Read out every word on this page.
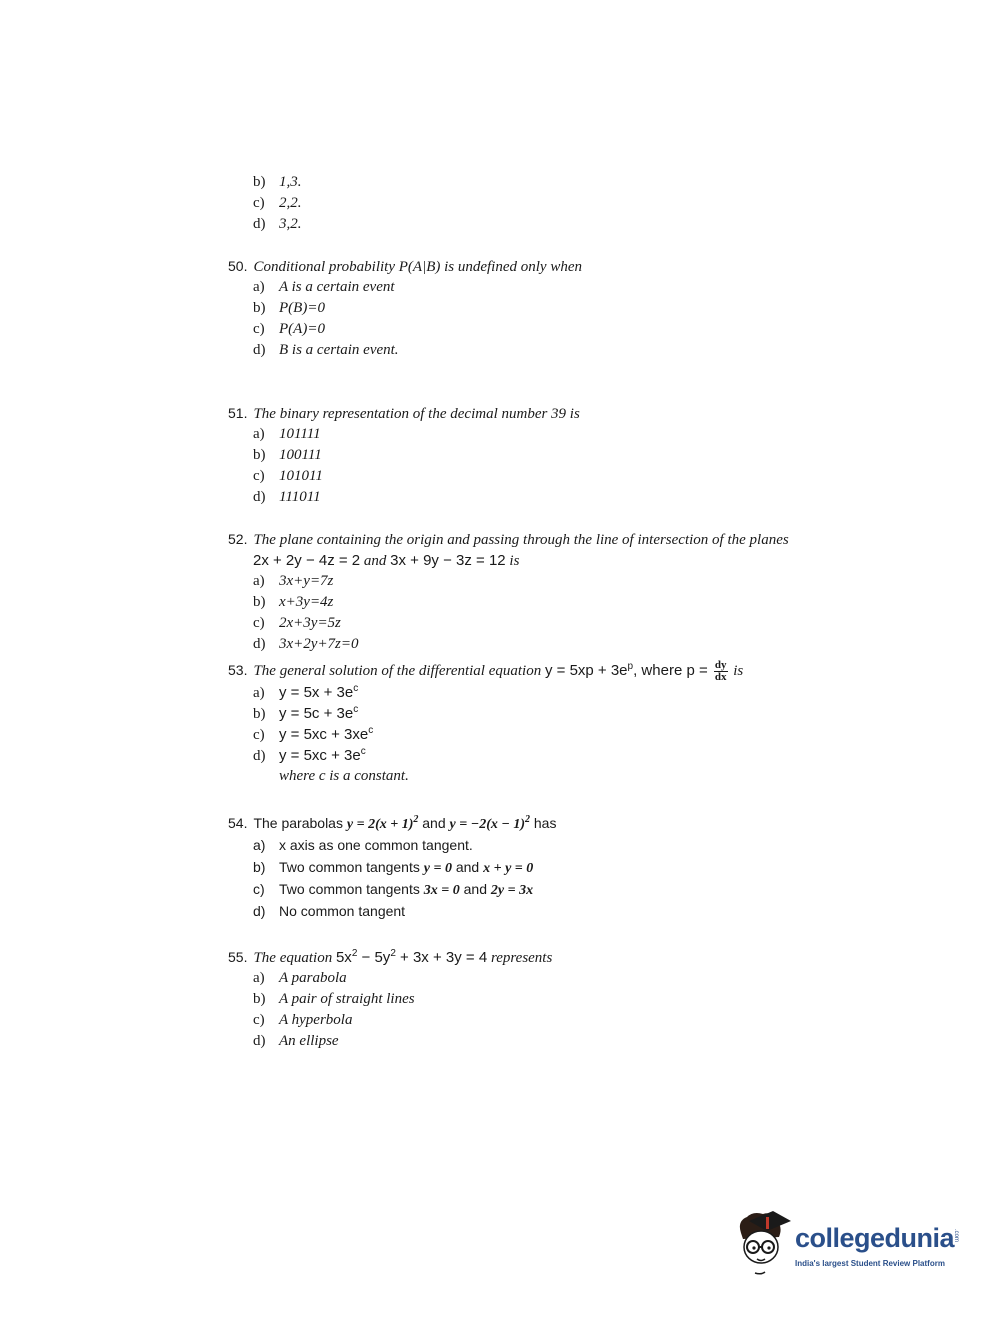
b) 1,3.
c) 2,2.
d) 3,2.
50. Conditional probability P(A|B) is undefined only when
a) A is a certain event
b) P(B)=0
c) P(A)=0
d) B is a certain event.
51. The binary representation of the decimal number 39 is
a) 101111
b) 100111
c) 101011
d) 111011
52. The plane containing the origin and passing through the line of intersection of the planes
2x + 2y − 4z = 2 and 3x + 9y − 3z = 12 is
a) 3x+y=7z
b) x+3y=4z
c) 2x+3y=5z
d) 3x+2y+7z=0
53. The general solution of the differential equation $y = 5xp + 3e^p$, where $p = \frac{dy}{dx}$ is
a) $y = 5x + 3e^c$
b) $y = 5c + 3e^c$
c) $y = 5xc + 3xe^c$
d) $y = 5xc + 3e^c$
where c is a constant.
54. The parabolas $y = 2(x + 1)^2$ and $y = -2(x - 1)^2$ has
a) x axis as one common tangent.
b) Two common tangents y = 0 and x + y = 0
c) Two common tangents 3x = 0 and 2y = 3x
d) No common tangent
55. The equation $5x^2 - 5y^2 + 3x + 3y = 4$ represents
a) A parabola
b) A pair of straight lines
c) A hyperbola
d) An ellipse
collegedunia
.com
India's largest Student Review Platform
